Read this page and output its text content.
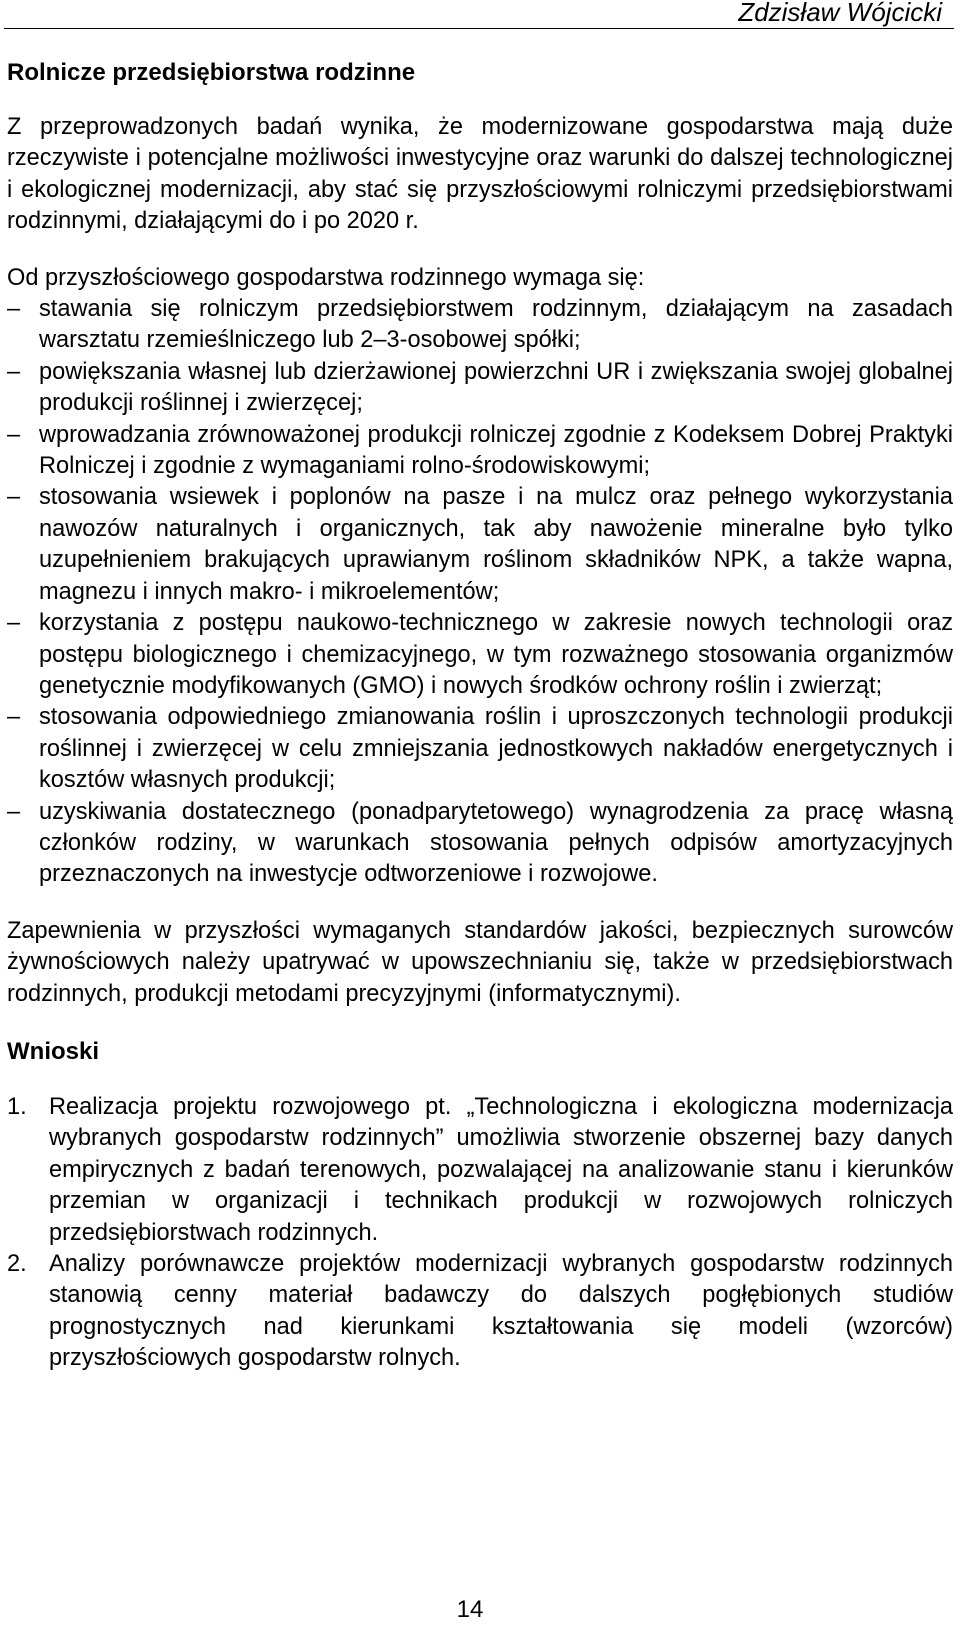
Zdzisław Wójcicki
Rolnicze przedsiębiorstwa rodzinne

Z przeprowadzonych badań wynika, że modernizowane gospodarstwa mają duże rzeczywiste i potencjalne możliwości inwestycyjne oraz warunki do dalszej technologicznej i ekologicznej modernizacji, aby stać się przyszłościowymi rolniczymi przedsiębiorstwami rodzinnymi, działającymi do i po 2020 r.

Od przyszłościowego gospodarstwa rodzinnego wymaga się:

– stawania się rolniczym przedsiębiorstwem rodzinnym, działającym na zasadach warsztatu rzemieślniczego lub 2–3-osobowej spółki;
– powiększania własnej lub dzierżawionej powierzchni UR i zwiększania swojej globalnej produkcji roślinnej i zwierzęcej;
– wprowadzania zrównoważonej produkcji rolniczej zgodnie z Kodeksem Dobrej Praktyki Rolniczej i zgodnie z wymaganiami rolno-środowiskowymi;
– stosowania wsiewek i poplonów na pasze i na mulcz oraz pełnego wykorzystania nawozów naturalnych i organicznych, tak aby nawożenie mineralne było tylko uzupełnieniem brakujących uprawianym roślinom składników NPK, a także wapna, magnezu i innych makro- i mikroelementów;
– korzystania z postępu naukowo-technicznego w zakresie nowych technologii oraz postępu biologicznego i chemizacyjnego, w tym rozważnego stosowania organizmów genetycznie modyfikowanych (GMO) i nowych środków ochrony roślin i zwierząt;
– stosowania odpowiedniego zmianowania roślin i uproszczonych technologii produkcji roślinnej i zwierzęcej w celu zmniejszania jednostkowych nakładów energetycznych i kosztów własnych produkcji;
– uzyskiwania dostatecznego (ponadparytetowego) wynagrodzenia za pracę własną członków rodziny, w warunkach stosowania pełnych odpisów amortyzacyjnych przeznaczonych na inwestycje odtworzeniowe i rozwojowe.

Zapewnienia w przyszłości wymaganych standardów jakości, bezpiecznych surowców żywnościowych należy upatrywać w upowszechnianiu się, także w przedsiębiorstwach rodzinnych, produkcji metodami precyzyjnymi (informatycznymi).

Wnioski
1. Realizacja projektu rozwojowego pt. „Technologiczna i ekologiczna modernizacja wybranych gospodarstw rodzinnych” umożliwia stworzenie obszernej bazy danych empirycznych z badań terenowych, pozwalającej na analizowanie stanu i kierunków przemian w organizacji i technikach produkcji w rozwojowych rolniczych przedsiębiorstwach rodzinnych.
2. Analizy porównawcze projektów modernizacji wybranych gospodarstw rodzinnych stanowią cenny materiał badawczy do dalszych pogłębionych studiów prognostycznych nad kierunkami kształtowania się modeli (wzorców) przyszłościowych gospodarstw rolnych.
14
